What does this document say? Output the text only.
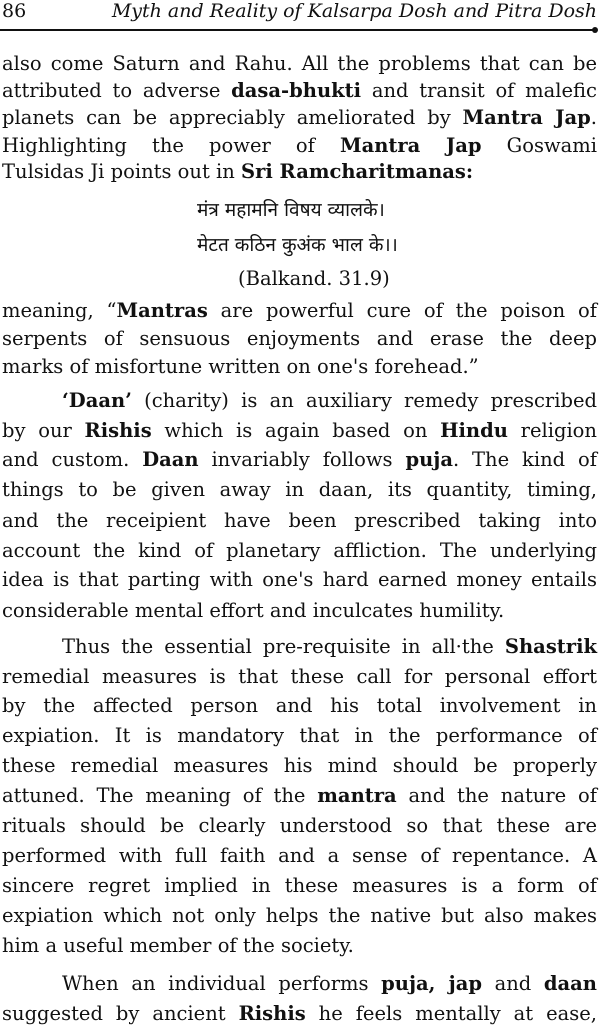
86	Myth and Reality of Kalsarpa Dosh and Pitra Dosh
also come Saturn and Rahu. All the problems that can be
attributed to adverse dasa-bhukti and transit of malefic
planets can be appreciably ameliorated by Mantra Jap.
Highlighting the power of Mantra Jap Goswami
Tulsidas Ji points out in Sri Ramcharitmanas:
मंत्र महामनि विषय व्यालके।
मेटत कठिन कुअंक भाल के।।
(Balkand. 31.9)
meaning, “Mantras are powerful cure of the poison of
serpents of sensuous enjoyments and erase the deep
marks of misfortune written on one's forehead.”
‘Daan’ (charity) is an auxiliary remedy prescribed
by our Rishis which is again based on Hindu religion
and custom. Daan invariably follows puja. The kind of
things to be given away in daan, its quantity, timing,
and the receipient have been prescribed taking into
account the kind of planetary affliction. The underlying
idea is that parting with one's hard earned money entails
considerable mental effort and inculcates humility.
Thus the essential pre-requisite in all·the Shastrik
remedial measures is that these call for personal effort
by the affected person and his total involvement in
expiation. It is mandatory that in the performance of
these remedial measures his mind should be properly
attuned. The meaning of the mantra and the nature of
rituals should be clearly understood so that these are
performed with full faith and a sense of repentance. A
sincere regret implied in these measures is a form of
expiation which not only helps the native but also makes
him a useful member of the society.
When an individual performs puja, jap and daan
suggested by ancient Rishis he feels mentally at ease,
